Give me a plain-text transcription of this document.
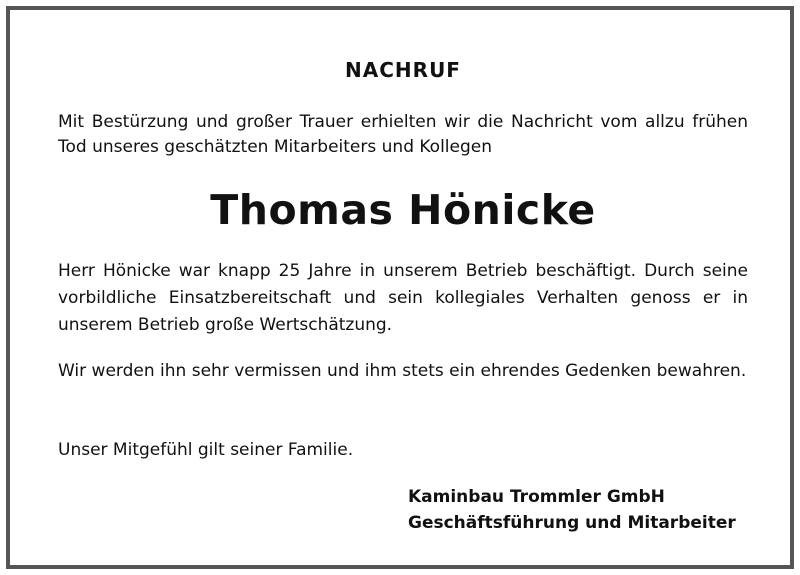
NACHRUF
Mit Bestürzung und großer Trauer erhielten wir die Nachricht vom allzu frühen Tod unseres geschätzten Mitarbeiters und Kollegen
Thomas Hönicke
Herr Hönicke war knapp 25 Jahre in unserem Betrieb beschäftigt. Durch seine vorbildliche Einsatzbereitschaft und sein kollegiales Verhalten genoss er in unserem Betrieb große Wertschätzung.
Wir werden ihn sehr vermissen und ihm stets ein ehrendes Gedenken bewahren.
Unser Mitgefühl gilt seiner Familie.
Kaminbau Trommler GmbH
Geschäftsführung und Mitarbeiter
